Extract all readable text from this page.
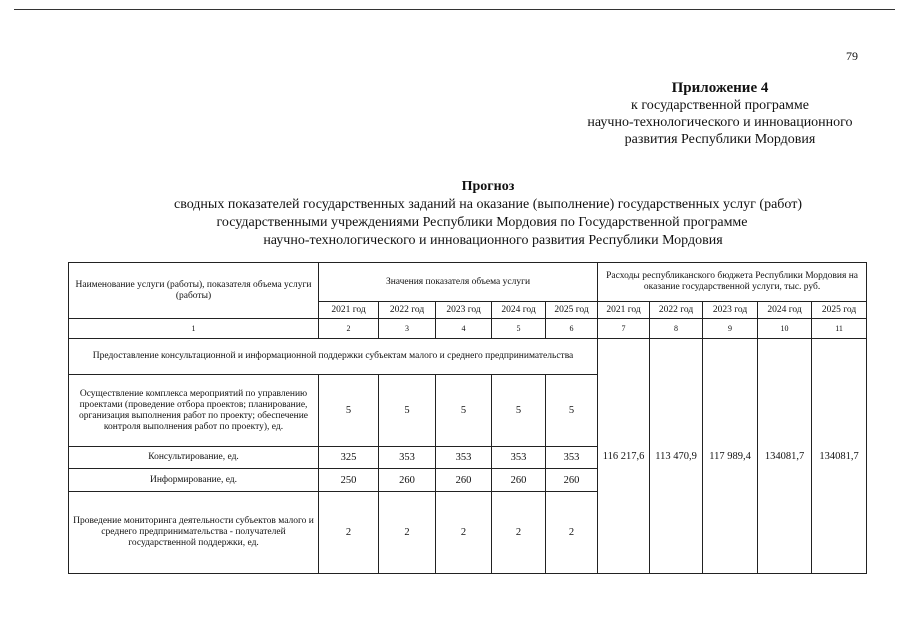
79
Приложение 4
к государственной программе
научно-технологического и инновационного
развития Республики Мордовия
Прогноз
сводных показателей государственных заданий на оказание (выполнение) государственных услуг (работ)
государственными учреждениями Республики Мордовия по Государственной программе
научно-технологического и инновационного развития Республики Мордовия
Наименование услуги (работы), показателя объема услуги (работы)	Значения показателя объема услуги					Расходы республиканского бюджета Республики Мордовия на оказание государственной услуги, тыс. руб.				
	2021 год	2022 год	2023 год	2024 год	2025 год	2021 год	2022 год	2023 год	2024 год	2025 год
1	2	3	4	5	6	7	8	9	10	11
Предоставление консультационной и информационной поддержки субъектам малого и среднего предпринимательства						116 217,6	113 470,9	117 989,4	134081,7	134081,7
Осуществление комплекса мероприятий по управлению проектами (проведение отбора проектов; планирование, организация выполнения работ по проекту; обеспечение контроля выполнения работ по проекту), ед.	5	5	5	5	5					
Консультирование, ед.	325	353	353	353	353					
Информирование, ед.	250	260	260	260	260					
Проведение мониторинга деятельности субъектов малого и среднего предпринимательства - получателей государственной поддержки, ед.	2	2	2	2	2					
